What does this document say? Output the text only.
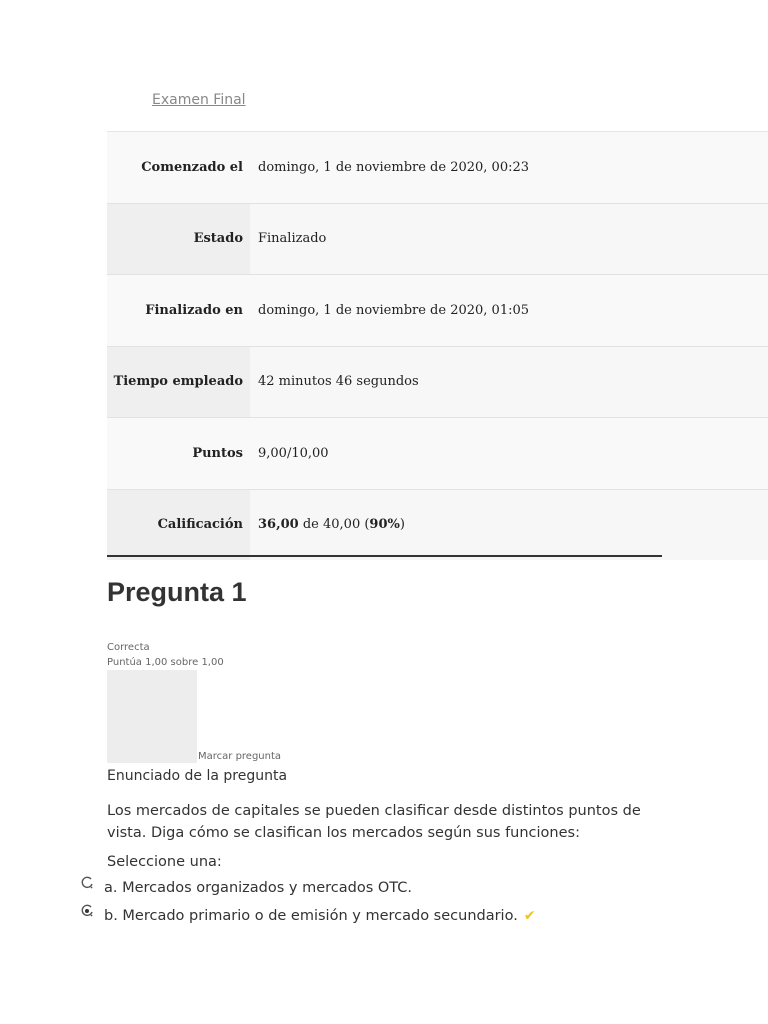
Examen Final
Comenzado el	domingo, 1 de noviembre de 2020, 00:23
Estado	Finalizado
Finalizado en	domingo, 1 de noviembre de 2020, 01:05
Tiempo empleado	42 minutos 46 segundos
Puntos	9,00/10,00
Calificación	36,00 de 40,00 ( 90% )
Pregunta 1
Correcta
Puntúa 1,00 sobre 1,00
Marcar pregunta
Enunciado de la pregunta
Los mercados de capitales se pueden clasificar desde distintos puntos de vista. Diga cómo se clasifican los mercados según sus funciones:
Seleccione una:
a. Mercados organizados y mercados OTC.
b. Mercado primario o de emisión y mercado secundario. ✔
